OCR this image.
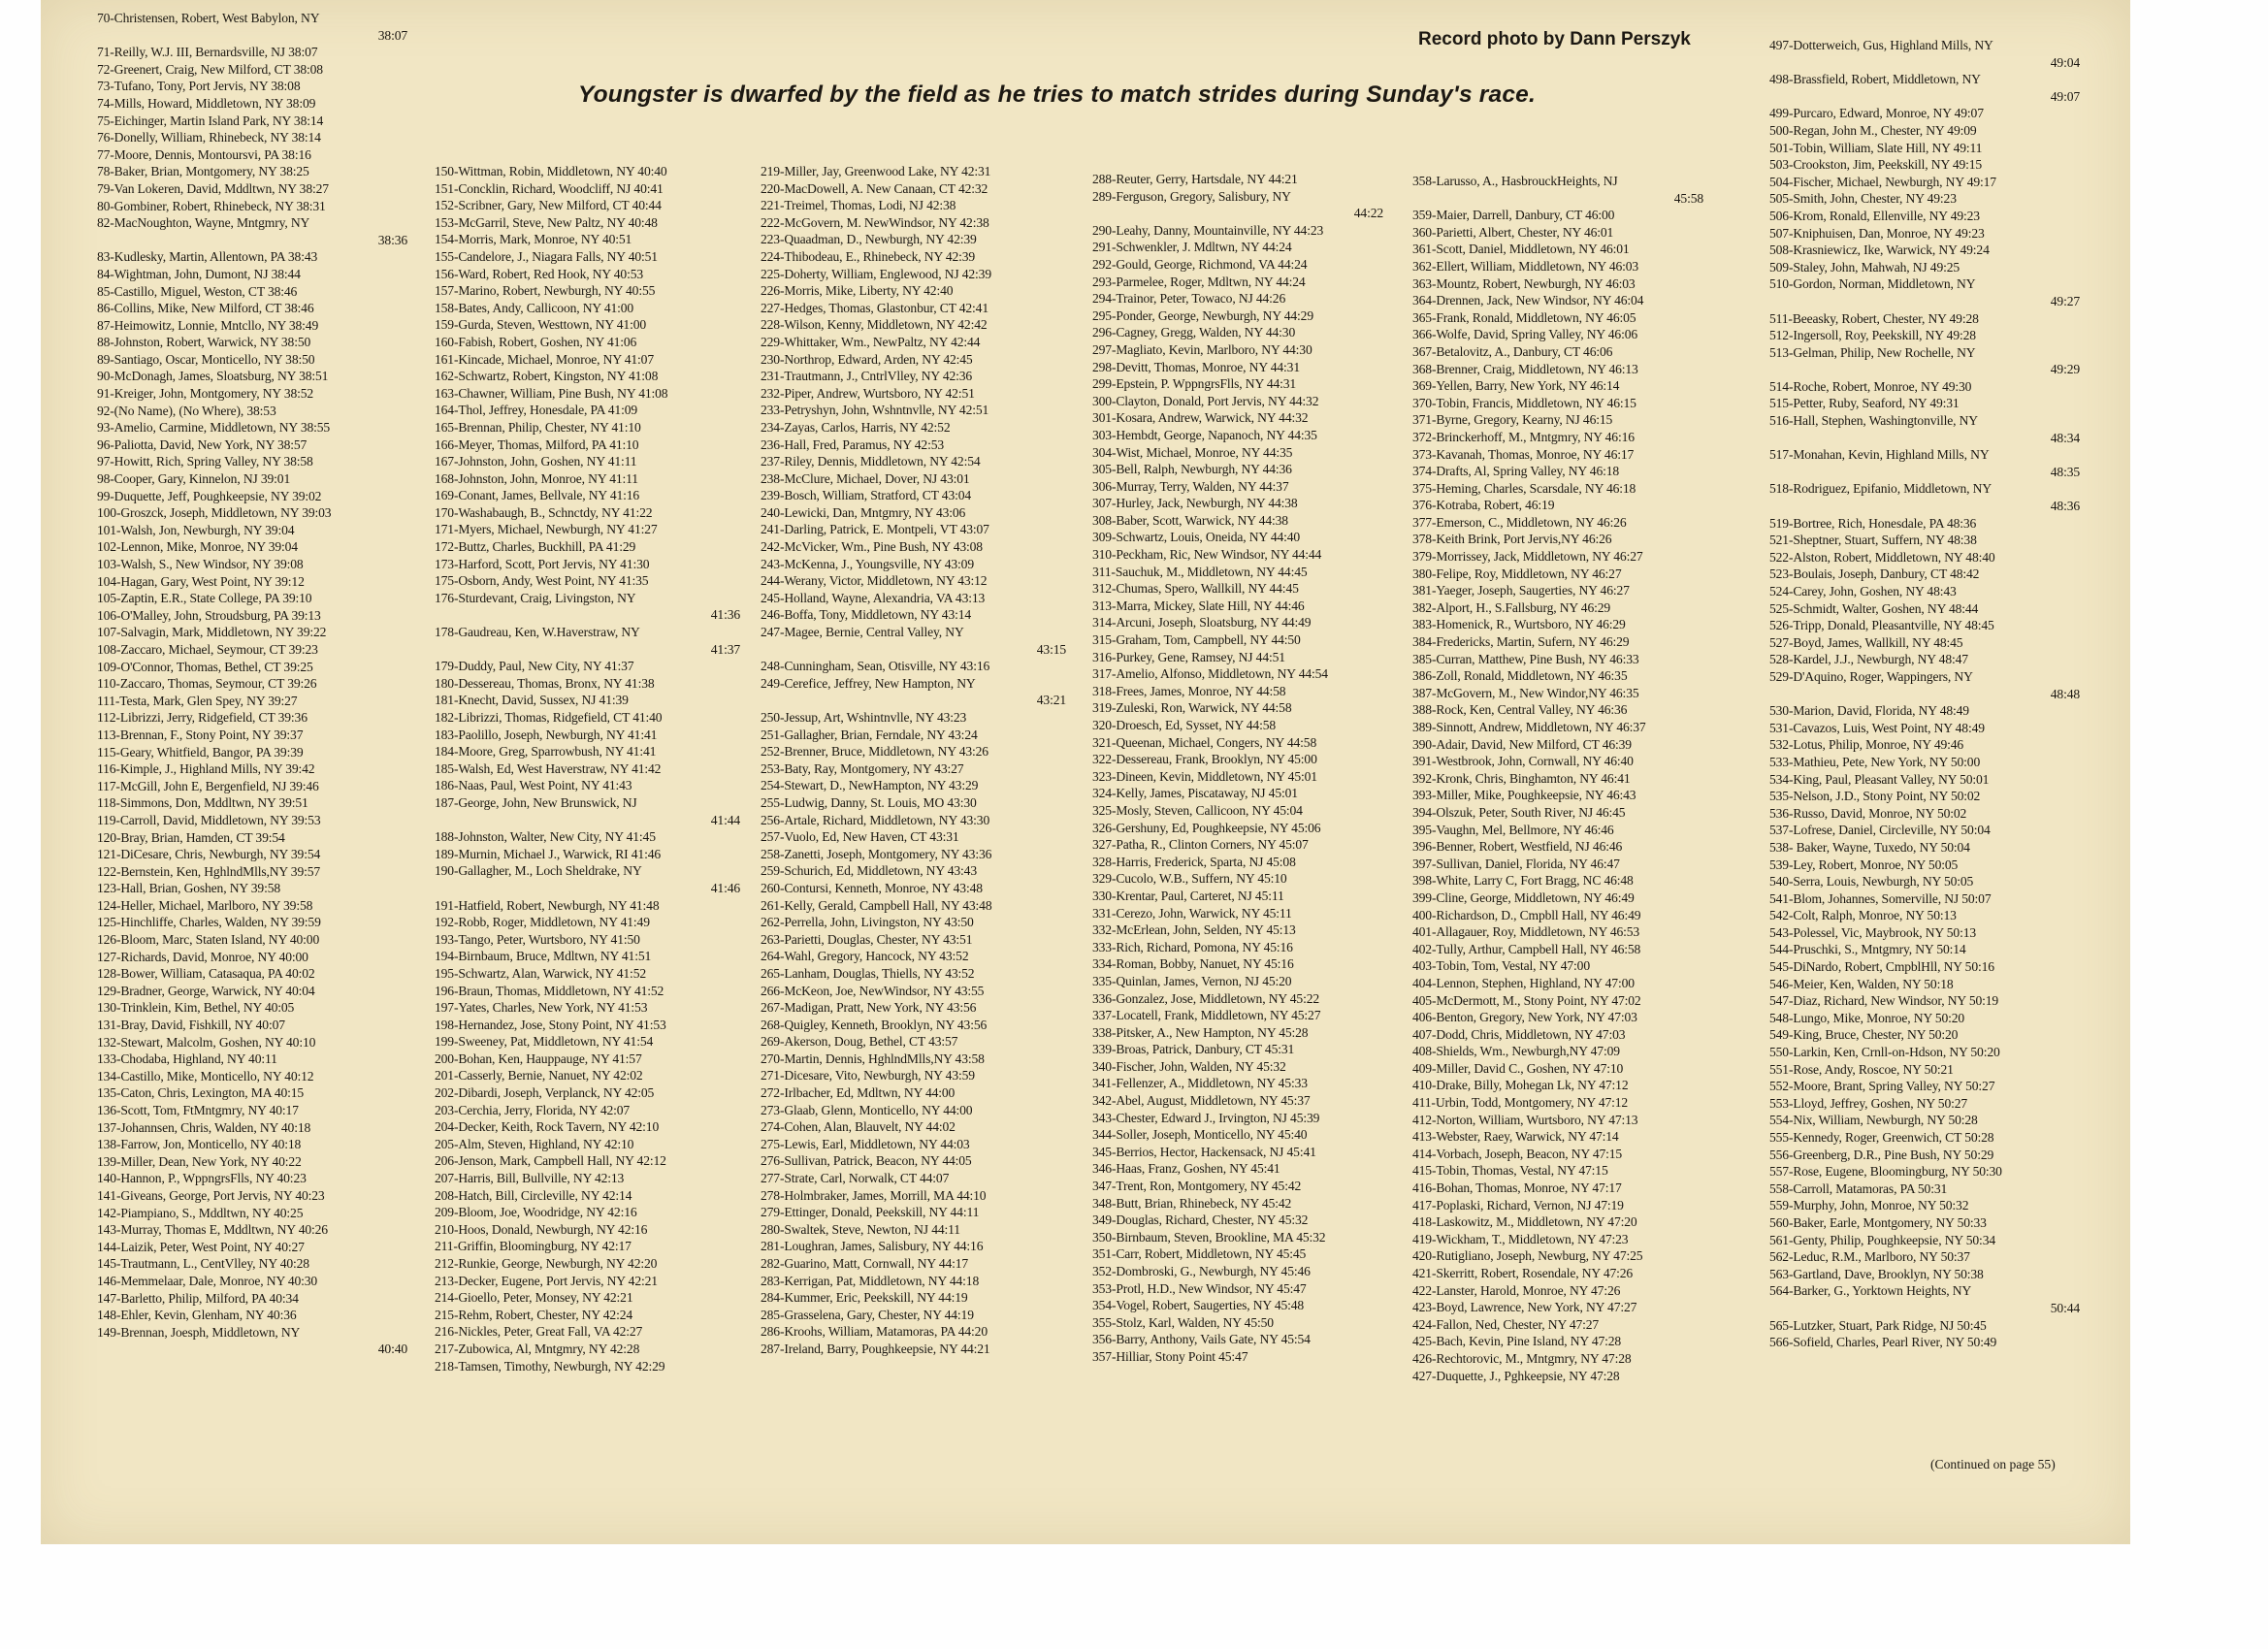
Record photo by Dann Perszyk
Youngster is dwarfed by the field as he tries to match strides during Sunday's race.
70-Christensen, Robert, West Babylon, NY
38:07
71-Reilly, W.J. III, Bernardsville, NJ 38:07
72-Greenert, Craig, New Milford, CT 38:08
73-Tufano, Tony, Port Jervis, NY 38:08
74-Mills, Howard, Middletown, NY 38:09
75-Eichinger, Martin Island Park, NY 38:14
76-Donelly, William, Rhinebeck, NY 38:14
77-Moore, Dennis, Montoursvi, PA 38:16
78-Baker, Brian, Montgomery, NY 38:25
79-Van Lokeren, David, Mddltwn, NY 38:27
80-Gombiner, Robert, Rhinebeck, NY 38:31
82-MacNoughton, Wayne, Mntgmry, NY
38:36
83-Kudlesky, Martin, Allentown, PA 38:43
84-Wightman, John, Dumont, NJ 38:44
85-Castillo, Miguel, Weston, CT 38:46
86-Collins, Mike, New Milford, CT 38:46
87-Heimowitz, Lonnie, Mntcllo, NY 38:49
88-Johnston, Robert, Warwick, NY 38:50
89-Santiago, Oscar, Monticello, NY 38:50
90-McDonagh, James, Sloatsburg, NY 38:51
91-Kreiger, John, Montgomery, NY 38:52
92-(No Name), (No Where), 38:53
93-Amelio, Carmine, Middletown, NY 38:55
96-Paliotta, David, New York, NY 38:57
97-Howitt, Rich, Spring Valley, NY 38:58
98-Cooper, Gary, Kinnelon, NJ 39:01
99-Duquette, Jeff, Poughkeepsie, NY 39:02
100-Groszck, Joseph, Middletown, NY 39:03
101-Walsh, Jon, Newburgh, NY 39:04
102-Lennon, Mike, Monroe, NY 39:04
103-Walsh, S., New Windsor, NY 39:08
104-Hagan, Gary, West Point, NY 39:12
105-Zaptin, E.R., State College, PA 39:10
106-O'Malley, John, Stroudsburg, PA 39:13
107-Salvagin, Mark, Middletown, NY 39:22
108-Zaccaro, Michael, Seymour, CT 39:23
109-O'Connor, Thomas, Bethel, CT 39:25
110-Zaccaro, Thomas, Seymour, CT 39:26
111-Testa, Mark, Glen Spey, NY 39:27
112-Librizzi, Jerry, Ridgefield, CT 39:36
113-Brennan, F., Stony Point, NY 39:37
115-Geary, Whitfield, Bangor, PA 39:39
116-Kimple, J., Highland Mills, NY 39:42
117-McGill, John E, Bergenfield, NJ 39:46
118-Simmons, Don, Mddltwn, NY 39:51
119-Carroll, David, Middletown, NY 39:53
120-Bray, Brian, Hamden, CT 39:54
121-DiCesare, Chris, Newburgh, NY 39:54
122-Bernstein, Ken, HghlndMlls,NY 39:57
123-Hall, Brian, Goshen, NY 39:58
124-Heller, Michael, Marlboro, NY 39:58
125-Hinchliffe, Charles, Walden, NY 39:59
126-Bloom, Marc, Staten Island, NY 40:00
127-Richards, David, Monroe, NY 40:00
128-Bower, William, Catasaqua, PA 40:02
129-Bradner, George, Warwick, NY 40:04
130-Trinklein, Kim, Bethel, NY 40:05
131-Bray, David, Fishkill, NY 40:07
132-Stewart, Malcolm, Goshen, NY 40:10
133-Chodaba, Highland, NY 40:11
134-Castillo, Mike, Monticello, NY 40:12
135-Caton, Chris, Lexington, MA 40:15
136-Scott, Tom, FtMntgmry, NY 40:17
137-Johannsen, Chris, Walden, NY 40:18
138-Farrow, Jon, Monticello, NY 40:18
139-Miller, Dean, New York, NY 40:22
140-Hannon, P., WppngrsFlls, NY 40:23
141-Giveans, George, Port Jervis, NY 40:23
142-Piampiano, S., Mddltwn, NY 40:25
143-Murray, Thomas E, Mddltwn, NY 40:26
144-Laizik, Peter, West Point, NY 40:27
145-Trautmann, L., CentVlley, NY 40:28
146-Memmelaar, Dale, Monroe, NY 40:30
147-Barletto, Philip, Milford, PA 40:34
148-Ehler, Kevin, Glenham, NY 40:36
149-Brennan, Joesph, Middletown, NY
40:40
150-Wittman, Robin, Middletown, NY 40:40
151-Concklin, Richard, Woodcliff, NJ 40:41
152-Scribner, Gary, New Milford, CT 40:44
153-McGarril, Steve, New Paltz, NY 40:48
154-Morris, Mark, Monroe, NY 40:51
155-Candelore, J., Niagara Falls, NY 40:51
156-Ward, Robert, Red Hook, NY 40:53
157-Marino, Robert, Newburgh, NY 40:55
158-Bates, Andy, Callicoon, NY 41:00
159-Gurda, Steven, Westtown, NY 41:00
160-Fabish, Robert, Goshen, NY 41:06
161-Kincade, Michael, Monroe, NY 41:07
162-Schwartz, Robert, Kingston, NY 41:08
163-Chawner, William, Pine Bush, NY 41:08
164-Thol, Jeffrey, Honesdale, PA 41:09
165-Brennan, Philip, Chester, NY 41:10
166-Meyer, Thomas, Milford, PA 41:10
167-Johnston, John, Goshen, NY 41:11
168-Johnston, John, Monroe, NY 41:11
169-Conant, James, Bellvale, NY 41:16
170-Washabaugh, B., Schnctdy, NY 41:22
171-Myers, Michael, Newburgh, NY 41:27
172-Buttz, Charles, Buckhill, PA 41:29
173-Harford, Scott, Port Jervis, NY 41:30
175-Osborn, Andy, West Point, NY 41:35
176-Sturdevant, Craig, Livingston, NY
41:36
178-Gaudreau, Ken, W.Haverstraw, NY
41:37
179-Duddy, Paul, New City, NY 41:37
180-Dessereau, Thomas, Bronx, NY 41:38
181-Knecht, David, Sussex, NJ 41:39
182-Librizzi, Thomas, Ridgefield, CT 41:40
183-Paolillo, Joseph, Newburgh, NY 41:41
184-Moore, Greg, Sparrowbush, NY 41:41
185-Walsh, Ed, West Haverstraw, NY 41:42
186-Naas, Paul, West Point, NY 41:43
187-George, John, New Brunswick, NJ
41:44
188-Johnston, Walter, New City, NY 41:45
189-Murnin, Michael J., Warwick, RI 41:46
190-Gallagher, M., Loch Sheldrake, NY
41:46
191-Hatfield, Robert, Newburgh, NY 41:48
192-Robb, Roger, Middletown, NY 41:49
193-Tango, Peter, Wurtsboro, NY 41:50
194-Birnbaum, Bruce, Mdltwn, NY 41:51
195-Schwartz, Alan, Warwick, NY 41:52
196-Braun, Thomas, Middletown, NY 41:52
197-Yates, Charles, New York, NY 41:53
198-Hernandez, Jose, Stony Point, NY 41:53
199-Sweeney, Pat, Middletown, NY 41:54
200-Bohan, Ken, Hauppauge, NY 41:57
201-Casserly, Bernie, Nanuet, NY 42:02
202-Dibardi, Joseph, Verplanck, NY 42:05
203-Cerchia, Jerry, Florida, NY 42:07
204-Decker, Keith, Rock Tavern, NY 42:10
205-Alm, Steven, Highland, NY 42:10
206-Jenson, Mark, Campbell Hall, NY 42:12
207-Harris, Bill, Bullville, NY 42:13
208-Hatch, Bill, Circleville, NY 42:14
209-Bloom, Joe, Woodridge, NY 42:16
210-Hoos, Donald, Newburgh, NY 42:16
211-Griffin, Bloomingburg, NY 42:17
212-Runkie, George, Newburgh, NY 42:20
213-Decker, Eugene, Port Jervis, NY 42:21
214-Gioello, Peter, Monsey, NY 42:21
215-Rehm, Robert, Chester, NY 42:24
216-Nickles, Peter, Great Fall, VA 42:27
217-Zubowica, Al, Mntgmry, NY 42:28
218-Tamsen, Timothy, Newburgh, NY 42:29
219-Miller, Jay, Greenwood Lake, NY 42:31
220-MacDowell, A. New Canaan, CT 42:32
221-Treimel, Thomas, Lodi, NJ 42:38
222-McGovern, M. NewWindsor, NY 42:38
223-Quaadman, D., Newburgh, NY 42:39
224-Thibodeau, E., Rhinebeck, NY 42:39
225-Doherty, William, Englewood, NJ 42:39
226-Morris, Mike, Liberty, NY 42:40
227-Hedges, Thomas, Glastonbur, CT 42:41
228-Wilson, Kenny, Middletown, NY 42:42
229-Whittaker, Wm., NewPaltz, NY 42:44
230-Northrop, Edward, Arden, NY 42:45
231-Trautmann, J., CntrlVlley, NY 42:36
232-Piper, Andrew, Wurtsboro, NY 42:51
233-Petryshyn, John, Wshntnvlle, NY 42:51
234-Zayas, Carlos, Harris, NY 42:52
236-Hall, Fred, Paramus, NY 42:53
237-Riley, Dennis, Middletown, NY 42:54
238-McClure, Michael, Dover, NJ 43:01
239-Bosch, William, Stratford, CT 43:04
240-Lewicki, Dan, Mntgmry, NY 43:06
241-Darling, Patrick, E. Montpeli, VT 43:07
242-McVicker, Wm., Pine Bush, NY 43:08
243-McKenna, J., Youngsville, NY 43:09
244-Werany, Victor, Middletown, NY 43:12
245-Holland, Wayne, Alexandria, VA 43:13
246-Boffa, Tony, Middletown, NY 43:14
247-Magee, Bernie, Central Valley, NY
43:15
248-Cunningham, Sean, Otisville, NY 43:16
249-Cerefice, Jeffrey, New Hampton, NY
43:21
250-Jessup, Art, Wshintnvlle, NY 43:23
251-Gallagher, Brian, Ferndale, NY 43:24
252-Brenner, Bruce, Middletown, NY 43:26
253-Baty, Ray, Montgomery, NY 43:27
254-Stewart, D., NewHampton, NY 43:29
255-Ludwig, Danny, St. Louis, MO 43:30
256-Artale, Richard, Middletown, NY 43:30
257-Vuolo, Ed, New Haven, CT 43:31
258-Zanetti, Joseph, Montgomery, NY 43:36
259-Schurich, Ed, Middletown, NY 43:43
260-Contursi, Kenneth, Monroe, NY 43:48
261-Kelly, Gerald, Campbell Hall, NY 43:48
262-Perrella, John, Livingston, NY 43:50
263-Parietti, Douglas, Chester, NY 43:51
264-Wahl, Gregory, Hancock, NY 43:52
265-Lanham, Douglas, Thiells, NY 43:52
266-McKeon, Joe, NewWindsor, NY 43:55
267-Madigan, Pratt, New York, NY 43:56
268-Quigley, Kenneth, Brooklyn, NY 43:56
269-Akerson, Doug, Bethel, CT 43:57
270-Martin, Dennis, HghlndMlls,NY 43:58
271-Dicesare, Vito, Newburgh, NY 43:59
272-Irlbacher, Ed, Mdltwn, NY 44:00
273-Glaab, Glenn, Monticello, NY 44:00
274-Cohen, Alan, Blauvelt, NY 44:02
275-Lewis, Earl, Middletown, NY 44:03
276-Sullivan, Patrick, Beacon, NY 44:05
277-Strate, Carl, Norwalk, CT 44:07
278-Holmbraker, James, Morrill, MA 44:10
279-Ettinger, Donald, Peekskill, NY 44:11
280-Swaltek, Steve, Newton, NJ 44:11
281-Loughran, James, Salisbury, NY 44:16
282-Guarino, Matt, Cornwall, NY 44:17
283-Kerrigan, Pat, Middletown, NY 44:18
284-Kummer, Eric, Peekskill, NY 44:19
285-Grasselena, Gary, Chester, NY 44:19
286-Kroohs, William, Matamoras, PA 44:20
287-Ireland, Barry, Poughkeepsie, NY 44:21
288-Reuter, Gerry, Hartsdale, NY 44:21
289-Ferguson, Gregory, Salisbury, NY
44:22
290-Leahy, Danny, Mountainville, NY 44:23
291-Schwenkler, J. Mdltwn, NY 44:24
292-Gould, George, Richmond, VA 44:24
293-Parmelee, Roger, Mdltwn, NY 44:24
294-Trainor, Peter, Towaco, NJ 44:26
295-Ponder, George, Newburgh, NY 44:29
296-Cagney, Gregg, Walden, NY 44:30
297-Magliato, Kevin, Marlboro, NY 44:30
298-Devitt, Thomas, Monroe, NY 44:31
299-Epstein, P. WppngrsFlls, NY 44:31
300-Clayton, Donald, Port Jervis, NY 44:32
301-Kosara, Andrew, Warwick, NY 44:32
303-Hembdt, George, Napanoch, NY 44:35
304-Wist, Michael, Monroe, NY 44:35
305-Bell, Ralph, Newburgh, NY 44:36
306-Murray, Terry, Walden, NY 44:37
307-Hurley, Jack, Newburgh, NY 44:38
308-Baber, Scott, Warwick, NY 44:38
309-Schwartz, Louis, Oneida, NY 44:40
310-Peckham, Ric, New Windsor, NY 44:44
311-Sauchuk, M., Middletown, NY 44:45
312-Chumas, Spero, Wallkill, NY 44:45
313-Marra, Mickey, Slate Hill, NY 44:46
314-Arcuni, Joseph, Sloatsburg, NY 44:49
315-Graham, Tom, Campbell, NY 44:50
316-Purkey, Gene, Ramsey, NJ 44:51
317-Amelio, Alfonso, Middletown, NY 44:54
318-Frees, James, Monroe, NY 44:58
319-Zuleski, Ron, Warwick, NY 44:58
320-Droesch, Ed, Sysset, NY 44:58
321-Queenan, Michael, Congers, NY 44:58
322-Dessereau, Frank, Brooklyn, NY 45:00
323-Dineen, Kevin, Middletown, NY 45:01
324-Kelly, James, Piscataway, NJ 45:01
325-Mosly, Steven, Callicoon, NY 45:04
326-Gershuny, Ed, Poughkeepsie, NY 45:06
327-Patha, R., Clinton Corners, NY 45:07
328-Harris, Frederick, Sparta, NJ 45:08
329-Cucolo, W.B., Suffern, NY 45:10
330-Krentar, Paul, Carteret, NJ 45:11
331-Cerezo, John, Warwick, NY 45:11
332-McErlean, John, Selden, NY 45:13
333-Rich, Richard, Pomona, NY 45:16
334-Roman, Bobby, Nanuet, NY 45:16
335-Quinlan, James, Vernon, NJ 45:20
336-Gonzalez, Jose, Middletown, NY 45:22
337-Locatell, Frank, Middletown, NY 45:27
338-Pitsker, A., New Hampton, NY 45:28
339-Broas, Patrick, Danbury, CT 45:31
340-Fischer, John, Walden, NY 45:32
341-Fellenzer, A., Middletown, NY 45:33
342-Abel, August, Middletown, NY 45:37
343-Chester, Edward J., Irvington, NJ 45:39
344-Soller, Joseph, Monticello, NY 45:40
345-Berrios, Hector, Hackensack, NJ 45:41
346-Haas, Franz, Goshen, NY 45:41
347-Trent, Ron, Montgomery, NY 45:42
348-Butt, Brian, Rhinebeck, NY 45:42
349-Douglas, Richard, Chester, NY 45:32
350-Birnbaum, Steven, Brookline, MA 45:32
351-Carr, Robert, Middletown, NY 45:45
352-Dombroski, G., Newburgh, NY 45:46
353-Protl, H.D., New Windsor, NY 45:47
354-Vogel, Robert, Saugerties, NY 45:48
355-Stolz, Karl, Walden, NY 45:50
356-Barry, Anthony, Vails Gate, NY 45:54
357-Hilliar, Stony Point 45:47
358-Larusso, A., HasbrouckHeights, NJ
45:58
359-Maier, Darrell, Danbury, CT 46:00
360-Parietti, Albert, Chester, NY 46:01
361-Scott, Daniel, Middletown, NY 46:01
362-Ellert, William, Middletown, NY 46:03
363-Mountz, Robert, Newburgh, NY 46:03
364-Drennen, Jack, New Windsor, NY 46:04
365-Frank, Ronald, Middletown, NY 46:05
366-Wolfe, David, Spring Valley, NY 46:06
367-Betalovitz, A., Danbury, CT 46:06
368-Brenner, Craig, Middletown, NY 46:13
369-Yellen, Barry, New York, NY 46:14
370-Tobin, Francis, Middletown, NY 46:15
371-Byrne, Gregory, Kearny, NJ 46:15
372-Brinckerhoff, M., Mntgmry, NY 46:16
373-Kavanah, Thomas, Monroe, NY 46:17
374-Drafts, Al, Spring Valley, NY 46:18
375-Heming, Charles, Scarsdale, NY 46:18
376-Kotraba, Robert, 46:19
377-Emerson, C., Middletown, NY 46:26
378-Keith Brink, Port Jervis,NY 46:26
379-Morrissey, Jack, Middletown, NY 46:27
380-Felipe, Roy, Middletown, NY 46:27
381-Yaeger, Joseph, Saugerties, NY 46:27
382-Alport, H., S.Fallsburg, NY 46:29
383-Homenick, R., Wurtsboro, NY 46:29
384-Fredericks, Martin, Sufern, NY 46:29
385-Curran, Matthew, Pine Bush, NY 46:33
386-Zoll, Ronald, Middletown, NY 46:35
387-McGovern, M., New Windor,NY 46:35
388-Rock, Ken, Central Valley, NY 46:36
389-Sinnott, Andrew, Middletown, NY 46:37
390-Adair, David, New Milford, CT 46:39
391-Westbrook, John, Cornwall, NY 46:40
392-Kronk, Chris, Binghamton, NY 46:41
393-Miller, Mike, Poughkeepsie, NY 46:43
394-Olszuk, Peter, South River, NJ 46:45
395-Vaughn, Mel, Bellmore, NY 46:46
396-Benner, Robert, Westfield, NJ 46:46
397-Sullivan, Daniel, Florida, NY 46:47
398-White, Larry C, Fort Bragg, NC 46:48
399-Cline, George, Middletown, NY 46:49
400-Richardson, D., Cmpbll Hall, NY 46:49
401-Allagauer, Roy, Middletown, NY 46:53
402-Tully, Arthur, Campbell Hall, NY 46:58
403-Tobin, Tom, Vestal, NY 47:00
404-Lennon, Stephen, Highland, NY 47:00
405-McDermott, M., Stony Point, NY 47:02
406-Benton, Gregory, New York, NY 47:03
407-Dodd, Chris, Middletown, NY 47:03
408-Shields, Wm., Newburgh,NY 47:09
409-Miller, David C., Goshen, NY 47:10
410-Drake, Billy, Mohegan Lk, NY 47:12
411-Urbin, Todd, Montgomery, NY 47:12
412-Norton, William, Wurtsboro, NY 47:13
413-Webster, Raey, Warwick, NY 47:14
414-Vorbach, Joseph, Beacon, NY 47:15
415-Tobin, Thomas, Vestal, NY 47:15
416-Bohan, Thomas, Monroe, NY 47:17
417-Poplaski, Richard, Vernon, NJ 47:19
418-Laskowitz, M., Middletown, NY 47:20
419-Wickham, T., Middletown, NY 47:23
420-Rutigliano, Joseph, Newburg, NY 47:25
421-Skerritt, Robert, Rosendale, NY 47:26
422-Lanster, Harold, Monroe, NY 47:26
423-Boyd, Lawrence, New York, NY 47:27
424-Fallon, Ned, Chester, NY 47:27
425-Bach, Kevin, Pine Island, NY 47:28
426-Rechtorovic, M., Mntgmry, NY 47:28
427-Duquette, J., Pghkeepsie, NY 47:28
497-Dotterweich, Gus, Highland Mills, NY
49:04
498-Brassfield, Robert, Middletown, NY
49:07
499-Purcaro, Edward, Monroe, NY 49:07
500-Regan, John M., Chester, NY 49:09
501-Tobin, William, Slate Hill, NY 49:11
503-Crookston, Jim, Peekskill, NY 49:15
504-Fischer, Michael, Newburgh, NY 49:17
505-Smith, John, Chester, NY 49:23
506-Krom, Ronald, Ellenville, NY 49:23
507-Kniphuisen, Dan, Monroe, NY 49:23
508-Krasniewicz, Ike, Warwick, NY 49:24
509-Staley, John, Mahwah, NJ 49:25
510-Gordon, Norman, Middletown, NY
49:27
511-Beeasky, Robert, Chester, NY 49:28
512-Ingersoll, Roy, Peekskill, NY 49:28
513-Gelman, Philip, New Rochelle, NY
49:29
514-Roche, Robert, Monroe, NY 49:30
515-Petter, Ruby, Seaford, NY 49:31
516-Hall, Stephen, Washingtonville, NY
48:34
517-Monahan, Kevin, Highland Mills, NY
48:35
518-Rodriguez, Epifanio, Middletown, NY
48:36
519-Bortree, Rich, Honesdale, PA 48:36
521-Sheptner, Stuart, Suffern, NY 48:38
522-Alston, Robert, Middletown, NY 48:40
523-Boulais, Joseph, Danbury, CT 48:42
524-Carey, John, Goshen, NY 48:43
525-Schmidt, Walter, Goshen, NY 48:44
526-Tripp, Donald, Pleasantville, NY 48:45
527-Boyd, James, Wallkill, NY 48:45
528-Kardel, J.J., Newburgh, NY 48:47
529-D'Aquino, Roger, Wappingers, NY
48:48
530-Marion, David, Florida, NY 48:49
531-Cavazos, Luis, West Point, NY 48:49
532-Lotus, Philip, Monroe, NY 49:46
533-Mathieu, Pete, New York, NY 50:00
534-King, Paul, Pleasant Valley, NY 50:01
535-Nelson, J.D., Stony Point, NY 50:02
536-Russo, David, Monroe, NY 50:02
537-Lofrese, Daniel, Circleville, NY 50:04
538- Baker, Wayne, Tuxedo, NY 50:04
539-Ley, Robert, Monroe, NY 50:05
540-Serra, Louis, Newburgh, NY 50:05
541-Blom, Johannes, Somerville, NJ 50:07
542-Colt, Ralph, Monroe, NY 50:13
543-Polessel, Vic, Maybrook, NY 50:13
544-Pruschki, S., Mntgmry, NY 50:14
545-DiNardo, Robert, CmpblHll, NY 50:16
546-Meier, Ken, Walden, NY 50:18
547-Diaz, Richard, New Windsor, NY 50:19
548-Lungo, Mike, Monroe, NY 50:20
549-King, Bruce, Chester, NY 50:20
550-Larkin, Ken, Crnll-on-Hdson, NY 50:20
551-Rose, Andy, Roscoe, NY 50:21
552-Moore, Brant, Spring Valley, NY 50:27
553-Lloyd, Jeffrey, Goshen, NY 50:27
554-Nix, William, Newburgh, NY 50:28
555-Kennedy, Roger, Greenwich, CT 50:28
556-Greenberg, D.R., Pine Bush, NY 50:29
557-Rose, Eugene, Bloomingburg, NY 50:30
558-Carroll, Matamoras, PA 50:31
559-Murphy, John, Monroe, NY 50:32
560-Baker, Earle, Montgomery, NY 50:33
561-Genty, Philip, Poughkeepsie, NY 50:34
562-Leduc, R.M., Marlboro, NY 50:37
563-Gartland, Dave, Brooklyn, NY 50:38
564-Barker, G., Yorktown Heights, NY
50:44
565-Lutzker, Stuart, Park Ridge, NJ 50:45
566-Sofield, Charles, Pearl River, NY 50:49
(Continued on page 55)
